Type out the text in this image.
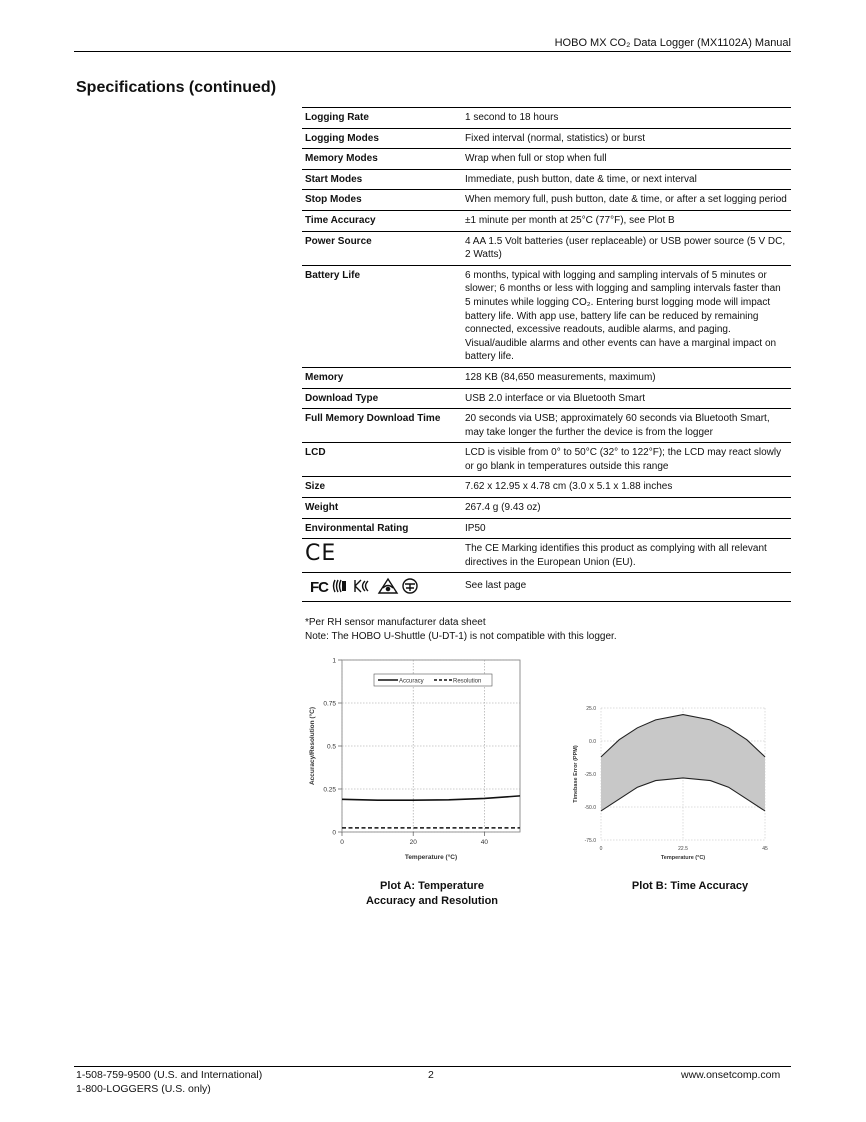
HOBO MX CO₂ Data Logger (MX1102A) Manual
Specifications (continued)
Logging Rate	1 second to 18 hours
Logging Modes	Fixed interval (normal, statistics) or burst
Memory Modes	Wrap when full or stop when full
Start Modes	Immediate, push button, date & time, or next interval
Stop Modes	When memory full, push button, date & time, or after a set logging period
Time Accuracy	±1 minute per month at 25°C (77°F), see Plot B
Power Source	4 AA 1.5 Volt batteries (user replaceable) or USB power source (5 V DC, 2 Watts)
Battery Life	6 months, typical with logging and sampling intervals of 5 minutes or slower; 6 months or less with logging and sampling intervals faster than 5 minutes while logging CO₂. Entering burst logging mode will impact battery life. With app use, battery life can be reduced by remaining connected, excessive readouts, audible alarms, and paging. Visual/audible alarms and other events can have a marginal impact on battery life.
Memory	128 KB (84,650 measurements, maximum)
Download Type	USB 2.0 interface or via Bluetooth Smart
Full Memory Download Time	20 seconds via USB; approximately 60 seconds via Bluetooth Smart, may take longer the further the device is from the logger
LCD	LCD is visible from 0° to 50°C (32° to 122°F); the LCD may react slowly or go blank in temperatures outside this range
Size	7.62 x 12.95 x 4.78 cm (3.0 x 5.1 x 1.88 inches
Weight	267.4 g (9.43 oz)
Environmental Rating	IP50
CE	The CE Marking identifies this product as complying with all relevant directives in the European Union (EU).
FC	See last page
*Per RH sensor manufacturer data sheet
Note: The HOBO U-Shuttle (U-DT-1) is not compatible with this logger.
0
0.25
0.5
0.75
1
0	20	40
Accuracy	Resolution
Temperature (°C)
Accuracy/Resolution (°C)	25.0
0.0
-25.0
-50.0
-75.0
0	22.5	45
Temperature (°C)
Timebase Error (PPM)
Plot A: Temperature
Accuracy and Resolution
Plot B: Time Accuracy
1-508-759-9500 (U.S. and International)
1-800-LOGGERS (U.S. only)
2	www.onsetcomp.com
